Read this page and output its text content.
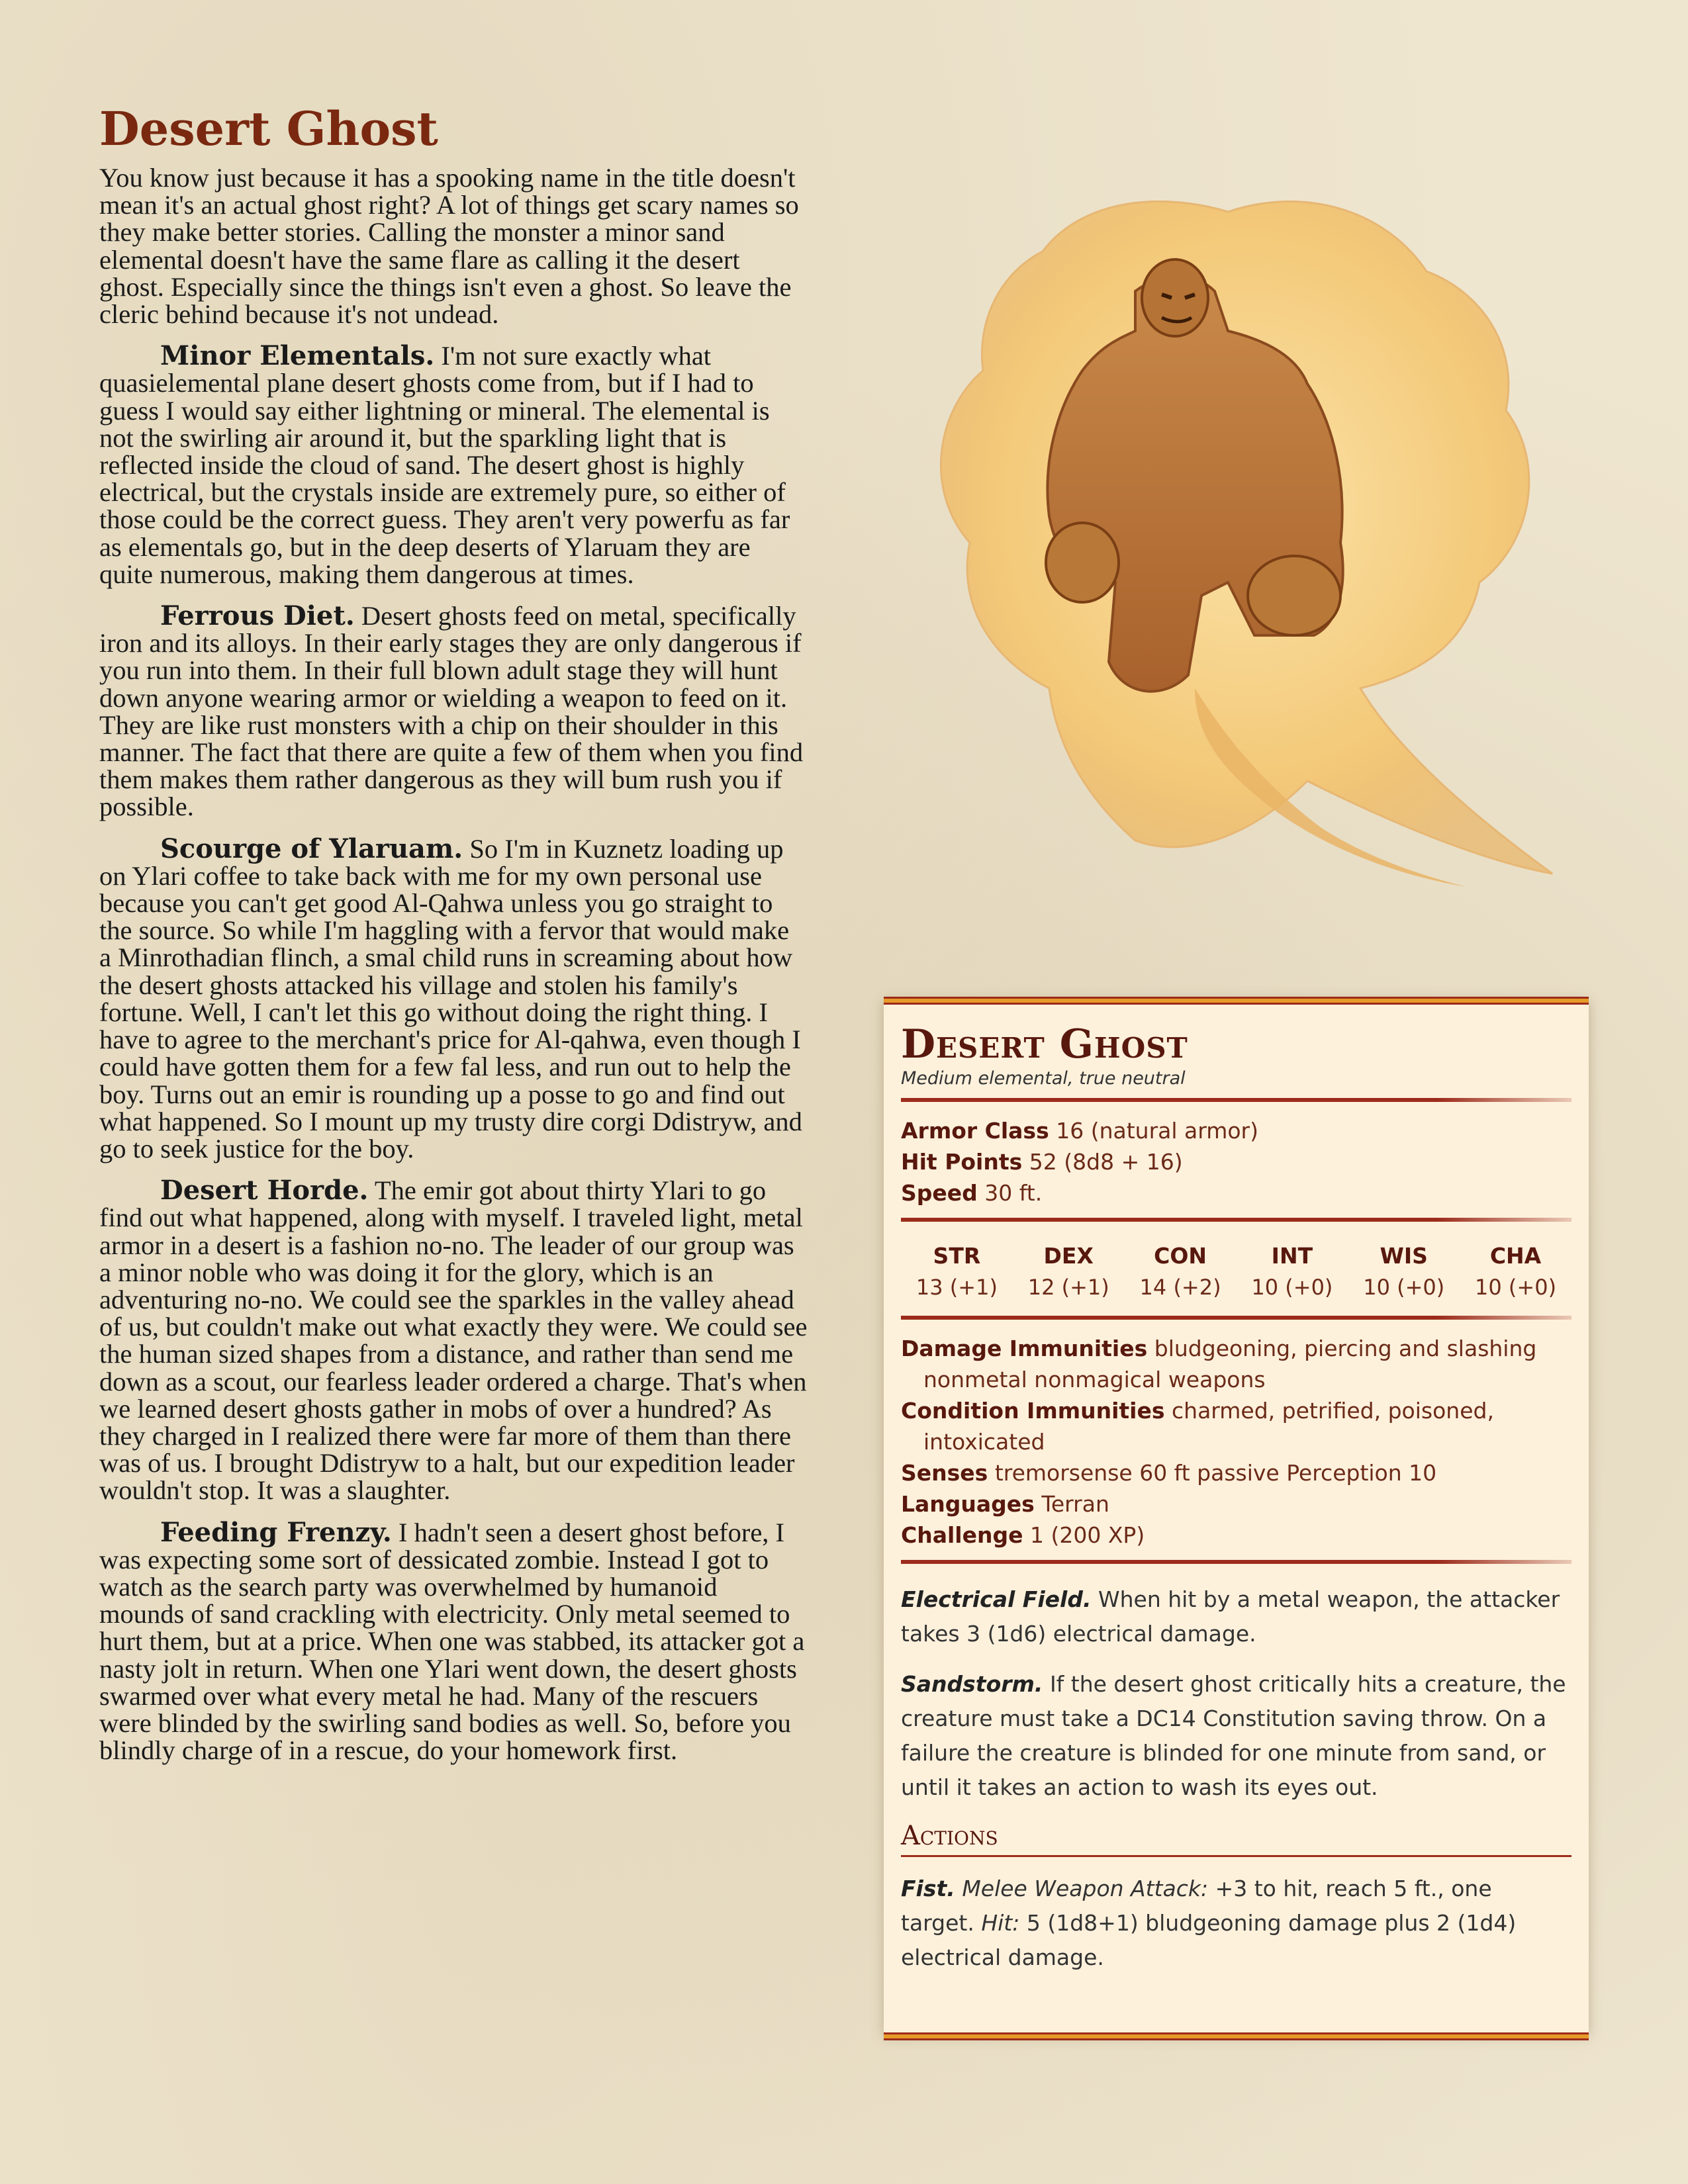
Desert Ghost

You know just because it has a spooking name in the title doesn't mean it's an actual ghost right? A lot of things get scary names so they make better stories. Calling the monster a minor sand elemental doesn't have the same flare as calling it the desert ghost. Especially since the things isn't even a ghost. So leave the cleric behind because it's not undead.

Minor Elementals. I'm not sure exactly what quasielemental plane desert ghosts come from, but if I had to guess I would say either lightning or mineral. The elemental is not the swirling air around it, but the sparkling light that is reflected inside the cloud of sand. The desert ghost is highly electrical, but the crystals inside are extremely pure, so either of those could be the correct guess. They aren't very powerfu as far as elementals go, but in the deep deserts of Ylaruam they are quite numerous, making them dangerous at times.

Ferrous Diet. Desert ghosts feed on metal, specifically iron and its alloys. In their early stages they are only dangerous if you run into them. In their full blown adult stage they will hunt down anyone wearing armor or wielding a weapon to feed on it. They are like rust monsters with a chip on their shoulder in this manner. The fact that there are quite a few of them when you find them makes them rather dangerous as they will bum rush you if possible.

Scourge of Ylaruam. So I'm in Kuznetz loading up on Ylari coffee to take back with me for my own personal use because you can't get good Al-Qahwa unless you go straight to the source. So while I'm haggling with a fervor that would make a Minrothadian flinch, a smal child runs in screaming about how the desert ghosts attacked his village and stolen his family's fortune. Well, I can't let this go without doing the right thing. I have to agree to the merchant's price for Al-qahwa, even though I could have gotten them for a few fal less, and run out to help the boy. Turns out an emir is rounding up a posse to go and find out what happened. So I mount up my trusty dire corgi Ddistryw, and go to seek justice for the boy.

Desert Horde. The emir got about thirty Ylari to go find out what happened, along with myself. I traveled light, metal armor in a desert is a fashion no-no. The leader of our group was a minor noble who was doing it for the glory, which is an adventuring no-no. We could see the sparkles in the valley ahead of us, but couldn't make out what exactly they were. We could see the human sized shapes from a distance, and rather than send me down as a scout, our fearless leader ordered a charge. That's when we learned desert ghosts gather in mobs of over a hundred? As they charged in I realized there were far more of them than there was of us. I brought Ddistryw to a halt, but our expedition leader wouldn't stop. It was a slaughter.

Feeding Frenzy. I hadn't seen a desert ghost before, I was expecting some sort of dessicated zombie. Instead I got to watch as the search party was overwhelmed by humanoid mounds of sand crackling with electricity. Only metal seemed to hurt them, but at a price. When one was stabbed, its attacker got a nasty jolt in return. When one Ylari went down, the desert ghosts swarmed over what every metal he had. Many of the rescuers were blinded by the swirling sand bodies as well. So, before you blindly charge of in a rescue, do your homework first.

Desert Ghost
Medium elemental, true neutral
Armor Class 16 (natural armor)
Hit Points 52 (8d8 + 16)
Speed 30 ft.
STR
13 (+1)
DEX
12 (+1)
CON
14 (+2)
INT
10 (+0)
WIS
10 (+0)
CHA
10 (+0)
Damage Immunities bludgeoning, piercing and slashing nonmetal nonmagical weapons
Condition Immunities charmed, petrified, poisoned, intoxicated
Senses tremorsense 60 ft passive Perception 10
Languages Terran
Challenge 1 (200 XP)

Electrical Field. When hit by a metal weapon, the attacker takes 3 (1d6) electrical damage.

Sandstorm. If the desert ghost critically hits a creature, the creature must take a DC14 Constitution saving throw. On a failure the creature is blinded for one minute from sand, or until it takes an action to wash its eyes out.

Actions

Fist. Melee Weapon Attack: +3 to hit, reach 5 ft., one target. Hit: 5 (1d8+1) bludgeoning damage plus 2 (1d4) electrical damage.
